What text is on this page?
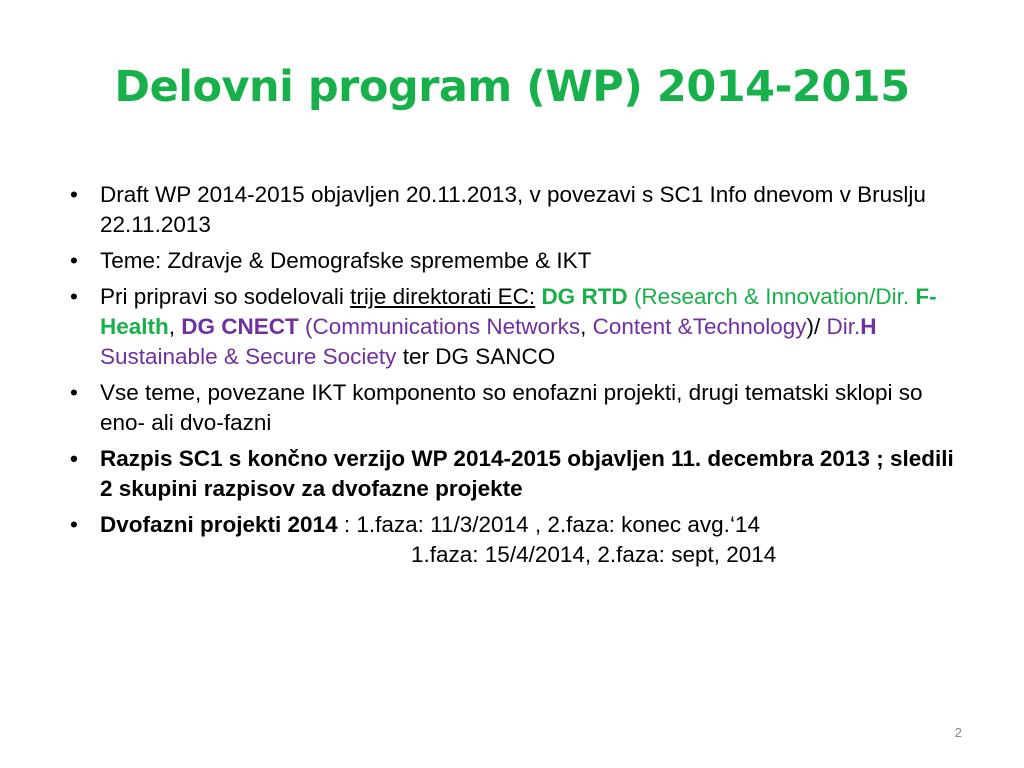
Delovni program (WP) 2014-2015
• Draft WP 2014-2015 objavljen 20.11.2013, v povezavi s SC1 Info dnevom v Bruslju 22.11.2013
• Teme: Zdravje & Demografske spremembe & IKT
• Pri pripravi so sodelovali trije direktorati EC: DG RTD (Research & Innovation/Dir. F-Health, DG CNECT (Communications Networks, Content &Technology)/ Dir.H Sustainable & Secure Society ter DG SANCO
• Vse teme, povezane IKT komponento so enofazni projekti, drugi tematski sklopi so eno- ali dvo-fazni
• Razpis SC1 s končno verzijo WP 2014-2015 objavljen 11. decembra 2013 ; sledili 2 skupini razpisov za dvofazne projekte
• Dvofazni projekti 2014 : 1.faza: 11/3/2014 , 2.faza: konec avg.‘14
1.faza: 15/4/2014, 2.faza: sept, 2014
2
